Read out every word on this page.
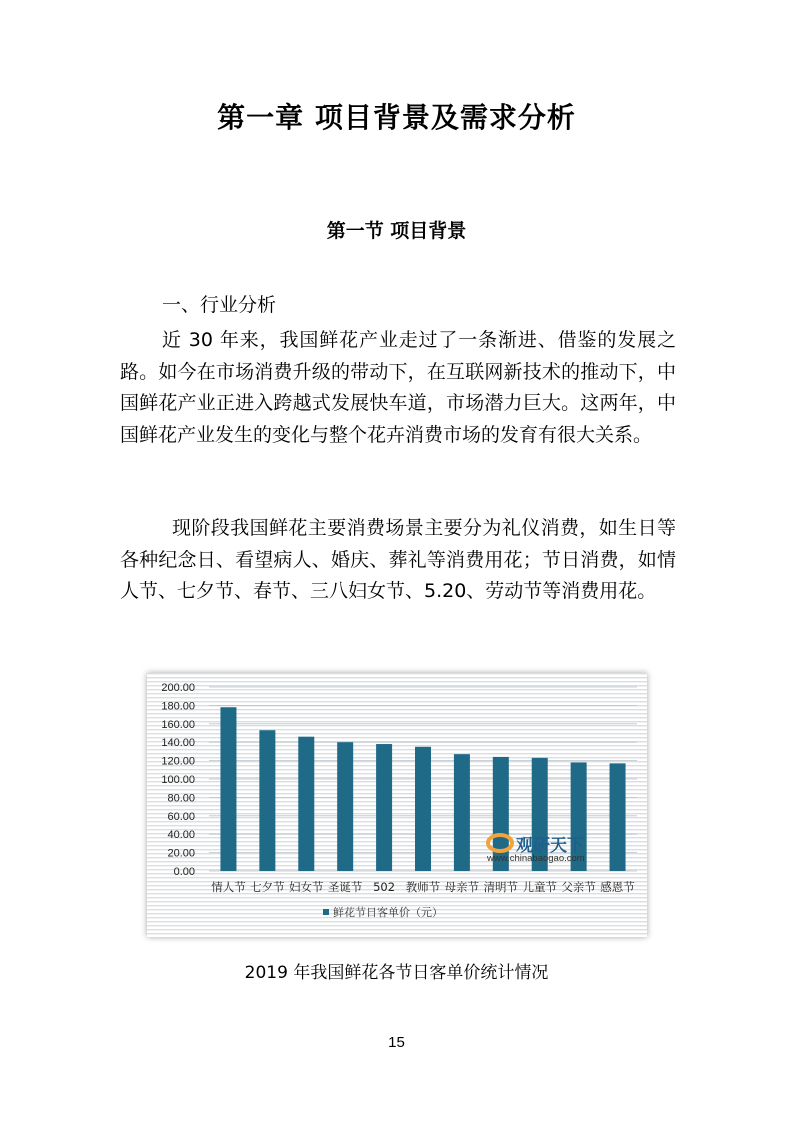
第一章 项目背景及需求分析
第一节 项目背景

一、行业分析

近 30 年来，我国鲜花产业走过了一条渐进、借鉴的发展之路。如今在市场消费升级的带动下，在互联网新技术的推动下，中国鲜花产业正进入跨越式发展快车道，市场潜力巨大。这两年，中国鲜花产业发生的变化与整个花卉消费市场的发育有很大关系。

现阶段我国鲜花主要消费场景主要分为礼仪消费，如生日等各种纪念日、看望病人、婚庆、葬礼等消费用花；节日消费，如情人节、七夕节、春节、三八妇女节、5.20、劳动节等消费用花。

0.00
20.00
40.00
60.00
80.00
100.00
120.00
140.00
160.00
180.00
200.00
情人节 七夕节 妇女节 圣诞节 502 教师节 母亲节 清明节 儿童节 父亲节 感恩节
观研天下
www.chinabaogao.com
鲜花节日客单价（元）
2019 年我国鲜花各节日客单价统计情况
15
